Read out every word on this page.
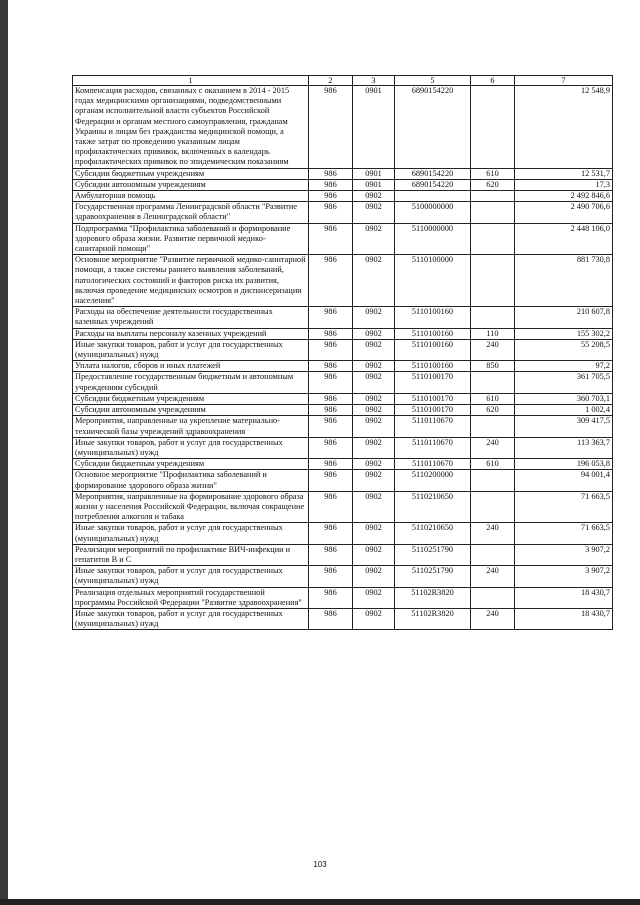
1	2	3	5	6	7
Компенсация расходов, связанных с оказанием в 2014 - 2015 годах медицинскими организациями, подведомственными органам исполнительной власти субъектов Российской Федерации и органам местного самоуправления, гражданам Украины и лицам без гражданства медицинской помощи, а также затрат по проведению указанным лицам профилактических прививок, включенных в календарь профилактических прививок по эпидемическим показаниям	986	0901	6890154220		12 548,9
Субсидии бюджетным учреждениям	986	0901	6890154220	610	12 531,7
Субсидии автономным учреждениям	986	0901	6890154220	620	17,3
Амбулаторная помощь	986	0902			2 492 846,6
Государственная программа Ленинградской области "Развитие здравоохранения в Ленинградской области"	986	0902	5100000000		2 490 706,6
Подпрограмма "Профилактика заболеваний и формирование здорового образа жизни. Развитие первичной медико-санитарной помощи"	986	0902	5110000000		2 448 106,0
Основное мероприятие "Развитие первичной медико-санитарной помощи, а также системы раннего выявления заболеваний, патологических состояний и факторов риска их развития, включая проведение медицинских осмотров и диспансеризации населения"	986	0902	5110100000		881 730,8
Расходы на обеспечение деятельности государственных казенных учреждений	986	0902	5110100160		210 607,8
Расходы на выплаты персоналу казенных учреждений	986	0902	5110100160	110	155 302,2
Иные закупки товаров, работ и услуг для государственных (муниципальных) нужд	986	0902	5110100160	240	55 208,5
Уплата налогов, сборов и иных платежей	986	0902	5110100160	850	97,2
Предоставление государственным бюджетным и автономным учреждениям субсидий	986	0902	5110100170		361 705,5
Субсидии бюджетным учреждениям	986	0902	5110100170	610	360 703,1
Субсидии автономным учреждениям	986	0902	5110100170	620	1 002,4
Мероприятия, направленные на укрепление материально-технической базы учреждений здравоохранения	986	0902	5110110670		309 417,5
Иные закупки товаров, работ и услуг для государственных (муниципальных) нужд	986	0902	5110110670	240	113 363,7
Субсидии бюджетным учреждениям	986	0902	5110110670	610	196 053,8
Основное мероприятие "Профилактика заболеваний и формирование здорового образа жизни"	986	0902	5110200000		94 001,4
Мероприятия, направленные на формирование здорового образа жизни у населения Российской Федерации, включая сокращение потребления алкоголя и табака	986	0902	5110210650		71 663,5
Иные закупки товаров, работ и услуг для государственных (муниципальных) нужд	986	0902	5110210650	240	71 663,5
Реализация мероприятий по профилактике ВИЧ-инфекции и гепатитов В и С	986	0902	5110251790		3 907,2
Иные закупки товаров, работ и услуг для государственных (муниципальных) нужд	986	0902	5110251790	240	3 907,2
Реализация отдельных мероприятий государственной программы Российской Федерации "Развитие здравоохранения"	986	0902	51102R3820		18 430,7
Иные закупки товаров, работ и услуг для государственных (муниципальных) нужд	986	0902	51102R3820	240	18 430,7
103
